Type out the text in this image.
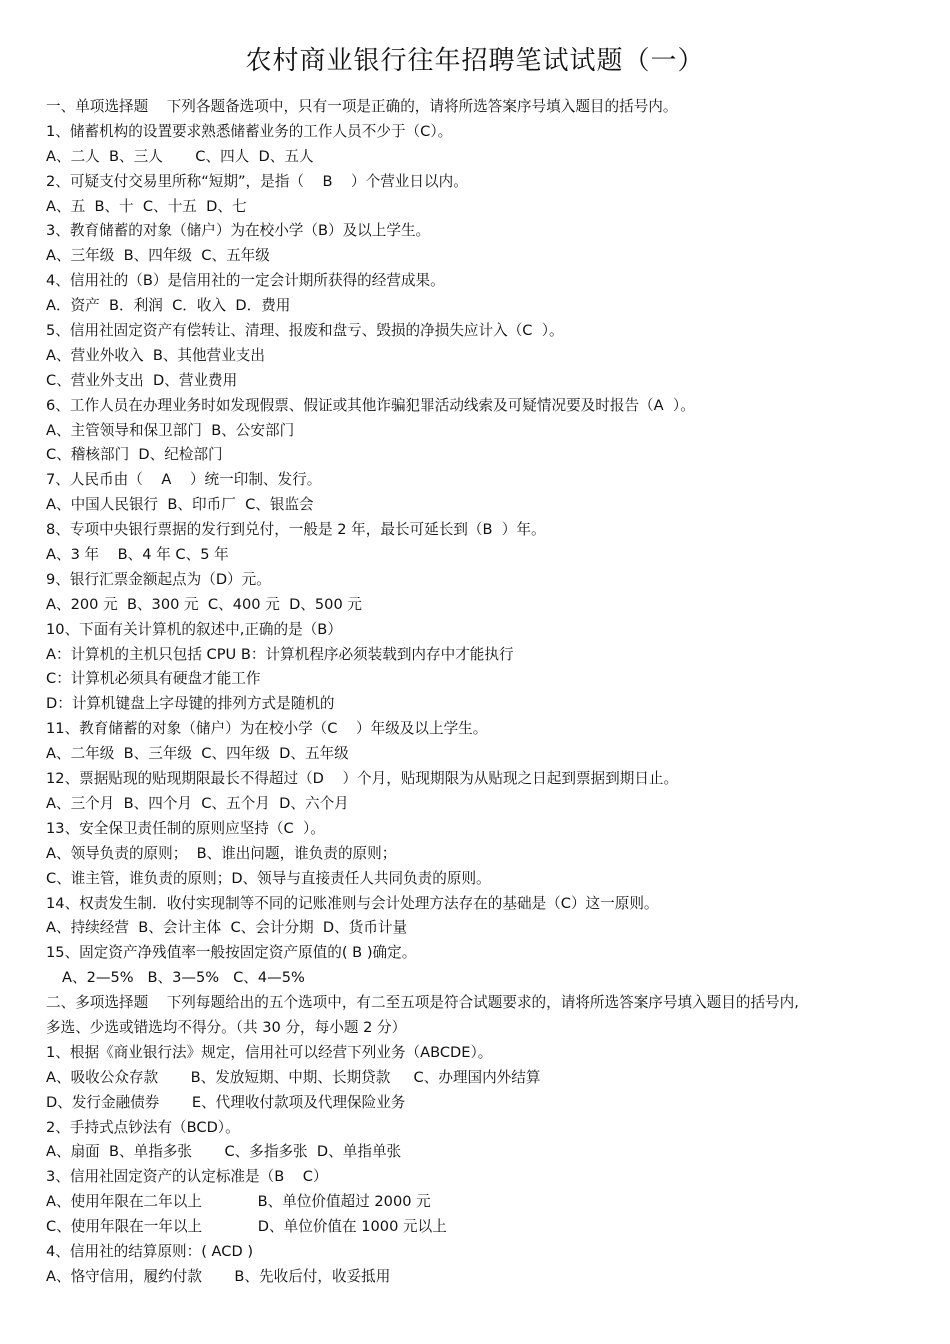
农村商业银行往年招聘笔试试题（一）
一、单项选择题    下列各题备选项中，只有一项是正确的，请将所选答案序号填入题目的括号内。
1、储蓄机构的设置要求熟悉储蓄业务的工作人员不少于（C）。
A、二人  B、三人       C、四人  D、五人
2、可疑支付交易里所称“短期”，是指（    B    ）个营业日以内。
A、五  B、十  C、十五  D、七
3、教育储蓄的对象（储户）为在校小学（B）及以上学生。
A、三年级  B、四年级  C、五年级
4、信用社的（B）是信用社的一定会计期所获得的经营成果。
A．资产  B．利润  C．收入  D．费用
5、信用社固定资产有偿转让、清理、报废和盘亏、毁损的净损失应计入（C  ）。
A、营业外收入  B、其他营业支出
C、营业外支出  D、营业费用
6、工作人员在办理业务时如发现假票、假证或其他诈骗犯罪活动线索及可疑情况要及时报告（A  ）。
A、主管领导和保卫部门  B、公安部门
C、稽核部门  D、纪检部门
7、人民币由（    A    ）统一印制、发行。
A、中国人民银行  B、印币厂  C、银监会
8、专项中央银行票据的发行到兑付，一般是 2 年，最长可延长到（B  ）年。
A、3 年    B、4 年 C、5 年
9、银行汇票金额起点为（D）元。
A、200 元  B、300 元  C、400 元  D、500 元
10、下面有关计算机的叙述中,正确的是（B）
A：计算机的主机只包括 CPU B：计算机程序必须装载到内存中才能执行
C：计算机必须具有硬盘才能工作
D：计算机键盘上字母键的排列方式是随机的
11、教育储蓄的对象（储户）为在校小学（C    ）年级及以上学生。
A、二年级  B、三年级  C、四年级  D、五年级
12、票据贴现的贴现期限最长不得超过（D    ）个月，贴现期限为从贴现之日起到票据到期日止。
A、三个月  B、四个月  C、五个月  D、六个月
13、安全保卫责任制的原则应坚持（C  ）。
A、领导负责的原则；  B、谁出问题，谁负责的原则；
C、谁主管，谁负责的原则；D、领导与直接责任人共同负责的原则。
14、权责发生制．收付实现制等不同的记账准则与会计处理方法存在的基础是（C）这一原则。
A、持续经营  B、会计主体  C、会计分期  D、货币计量
15、固定资产净残值率一般按固定资产原值的( B )确定。
A、2—5%   B、3—5%   C、4—5%
二、多项选择题    下列每题给出的五个选项中，有二至五项是符合试题要求的，请将所选答案序号填入题目的括号内,
多选、少选或错选均不得分。（共 30 分，每小题 2 分）
1、根据《商业银行法》规定，信用社可以经营下列业务（ABCDE）。
A、吸收公众存款       B、发放短期、中期、长期贷款     C、办理国内外结算
D、发行金融债券       E、代理收付款项及代理保险业务
2、手持式点钞法有（BCD）。
A、扇面  B、单指多张       C、多指多张  D、单指单张
3、信用社固定资产的认定标准是（B    C）
A、使用年限在二年以上            B、单位价值超过 2000 元
C、使用年限在一年以上            D、单位价值在 1000 元以上
4、信用社的结算原则：( ACD )
A、恪守信用，履约付款       B、先收后付，收妥抵用
